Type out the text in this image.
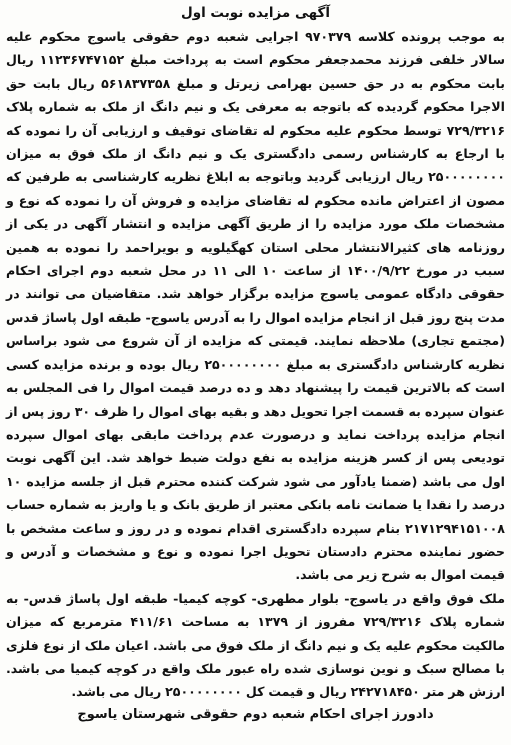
آگهی مزایده نوبت اول

به موجب پرونده کلاسه ۹۷۰۳۷۹ اجرایی شعبه دوم حقوقی یاسوج محکوم علیه سالار خلفی فرزند محمدجعفر محکوم است به پرداخت مبلغ ۱۱۲۳۶۷۴۷۱۵۲ ریال بابت محکوم به در حق حسین بهرامی زیرتل و مبلغ ۵۶۱۸۳۷۳۵۸ ریال بابت حق الاجرا محکوم گردیده که باتوجه به معرفی یک و نیم دانگ از ملک به شماره پلاک ۷۲۹/۳۲۱۶ توسط محکوم علیه محکوم له تقاضای توقیف و ارزیابی آن را نموده که با ارجاع به کارشناس رسمی دادگستری یک و نیم دانگ از ملک فوق به میزان ۲۵۰۰۰۰۰۰۰۰ ریال ارزیابی گردید وباتوجه به ابلاغ نظریه کارشناسی به طرفین که مصون از اعتراض مانده محکوم له تقاضای مزایده و فروش آن را نموده که نوع و مشخصات ملک مورد مزایده را از طریق آگهی مزایده و انتشار آگهی در یکی از روزنامه های کثیرالانتشار محلی استان کهگیلویه و بویراحمد را نموده به همین سبب در مورخ ۱۴۰۰/۹/۲۲ از ساعت ۱۰ الی ۱۱ در محل شعبه دوم اجرای احکام حقوقی دادگاه عمومی یاسوج مزایده برگزار خواهد شد. متقاضیان می توانند در مدت پنج روز قبل از انجام مزایده اموال را به آدرس یاسوج- طبقه اول پاساژ قدس (مجتمع تجاری) ملاحظه نمایند. قیمتی که مزایده از آن شروع می شود براساس نظریه کارشناس دادگستری به مبلغ ۲۵۰۰۰۰۰۰۰۰ ریال بوده و برنده مزایده کسی است که بالاترین قیمت را پیشنهاد دهد و ده درصد قیمت اموال را فی المجلس به عنوان سپرده به قسمت اجرا تحویل دهد و بقیه بهای اموال را ظرف ۳۰ روز پس از انجام مزایده پرداخت نماید و درصورت عدم پرداخت مابقی بهای اموال سپرده تودیعی پس از کسر هزینه مزایده به نفع دولت ضبط خواهد شد. این آگهی نوبت اول می باشد (ضمنا یادآور می شود شرکت کننده محترم قبل از جلسه مزایده ۱۰ درصد را نقدا یا ضمانت نامه بانکی معتبر از طریق بانک و یا واریز به شماره حساب ۲۱۷۱۲۹۴۱۵۱۰۰۸ بنام سپرده دادگستری اقدام نموده و در روز و ساعت مشخص با حضور نماینده محترم دادستان تحویل اجرا نموده و نوع و مشخصات و آدرس و قیمت اموال به شرح زیر می باشد.

ملک فوق واقع در یاسوج- بلوار مطهری- کوچه کیمیا- طبقه اول پاساژ قدس- به شماره پلاک ۷۲۹/۳۲۱۶ مفروز از ۱۳۷۹ به مساحت ۴۱۱/۶۱ مترمربع که میزان مالکیت محکوم علیه یک و نیم دانگ از ملک فوق می باشد. اعیان ملک از نوع فلزی با مصالح سبک و نوین نوسازی شده راه عبور ملک واقع در کوچه کیمیا می باشد. ارزش هر متر ۲۴۲۷۱۸۴۵۰ ریال و قیمت کل ۲۵۰۰۰۰۰۰۰۰ ریال می باشد.

دادورز اجرای احکام شعبه دوم حقوقی شهرستان یاسوج
